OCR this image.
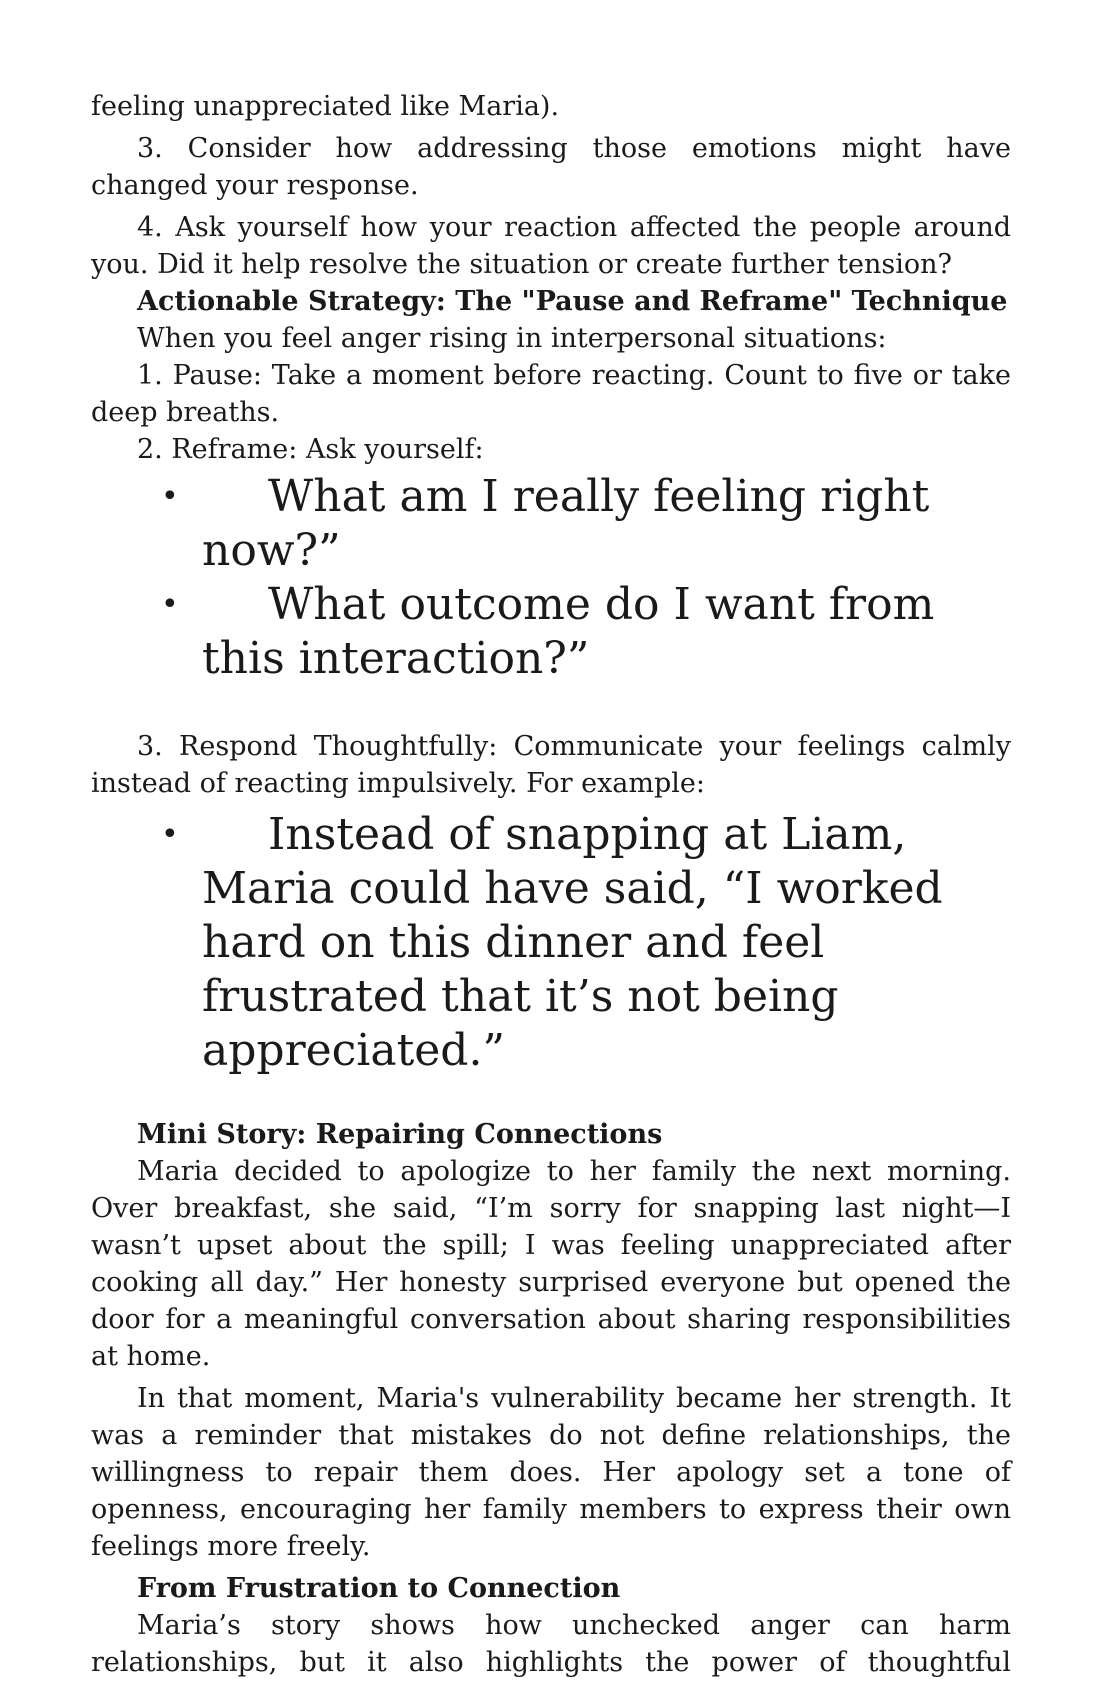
feeling unappreciated like Maria).

3. Consider how addressing those emotions might have changed your response.

4. Ask yourself how your reaction affected the people around you. Did it help resolve the situation or create further tension?

Actionable Strategy: The "Pause and Reframe" Technique

When you feel anger rising in interpersonal situations:

1. Pause: Take a moment before reacting. Count to five or take deep breaths.

2. Reframe: Ask yourself:

• What am I really feeling right now?”
• What outcome do I want from this interaction?”

3. Respond Thoughtfully: Communicate your feelings calmly instead of reacting impulsively. For example:

• Instead of snapping at Liam, Maria could have said, “I worked hard on this dinner and feel frustrated that it’s not being appreciated.”

Mini Story: Repairing Connections

Maria decided to apologize to her family the next morning. Over breakfast, she said, “I’m sorry for snapping last night—I wasn’t upset about the spill; I was feeling unappreciated after cooking all day.” Her honesty surprised everyone but opened the door for a meaningful conversation about sharing responsibilities at home.

In that moment, Maria's vulnerability became her strength. It was a reminder that mistakes do not define relationships, the willingness to repair them does. Her apology set a tone of openness, encouraging her family members to express their own feelings more freely.

From Frustration to Connection

Maria’s story shows how unchecked anger can harm relationships, but it also highlights the power of thoughtful
